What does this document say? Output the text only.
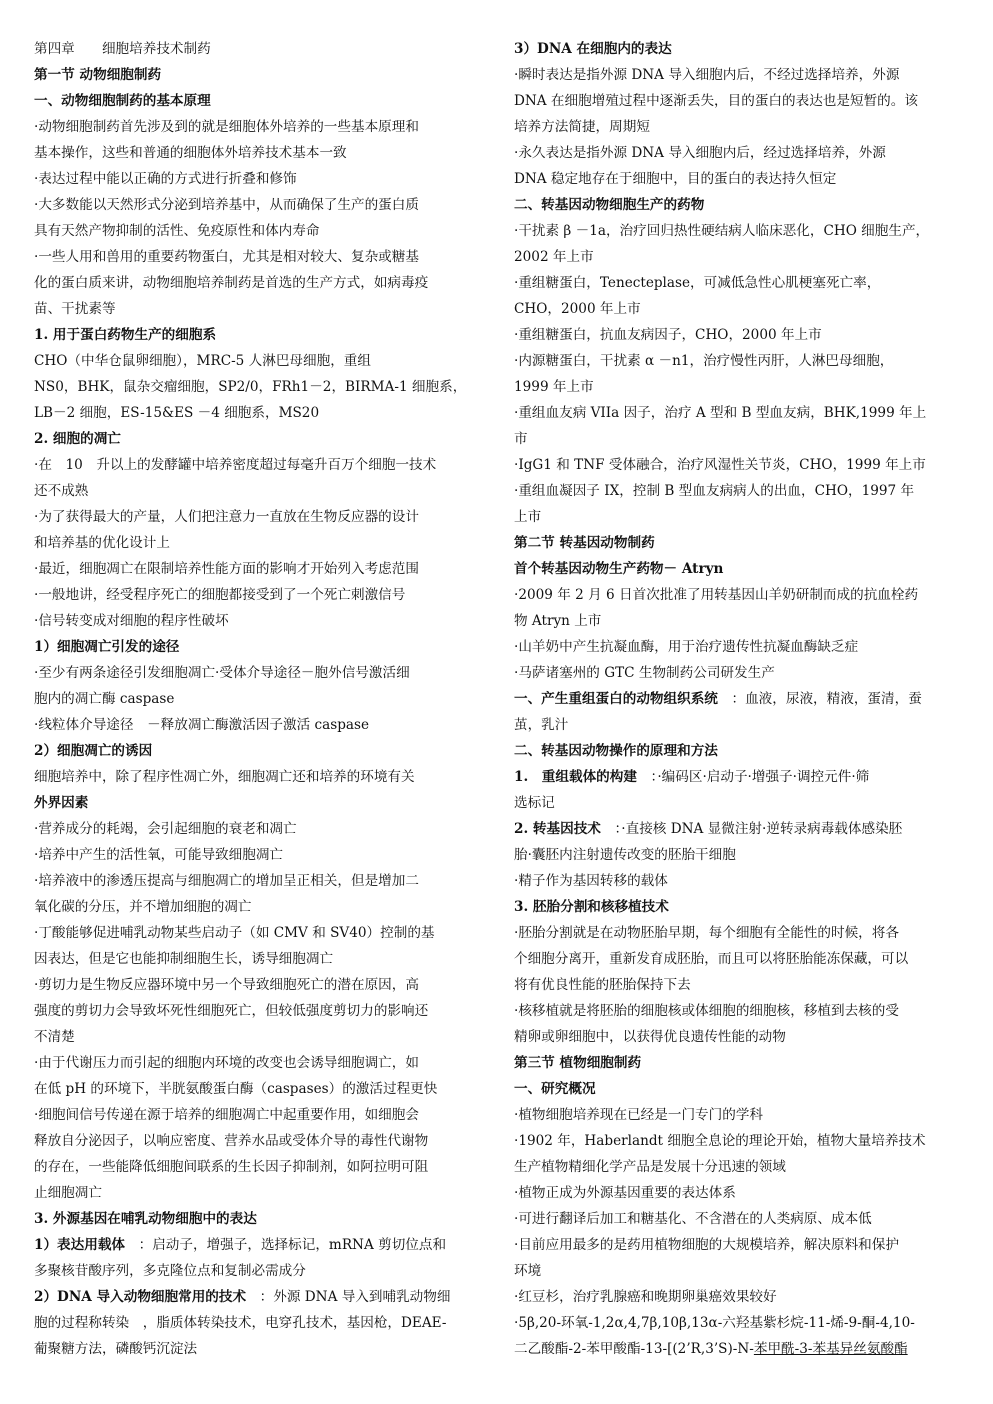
第四章　　细胞培养技术制药
第一节 动物细胞制药
一、动物细胞制药的基本原理
·动物细胞制药首先涉及到的就是细胞体外培养的一些基本原理和
基本操作，这些和普通的细胞体外培养技术基本一致
·表达过程中能以正确的方式进行折叠和修饰
·大多数能以天然形式分泌到培养基中，从而确保了生产的蛋白质
具有天然产物抑制的活性、免疫原性和体内寿命
·一些人用和兽用的重要药物蛋白，尤其是相对较大、复杂或糖基
化的蛋白质来讲，动物细胞培养制药是首选的生产方式，如病毒疫
苗、干扰素等
1. 用于蛋白药物生产的细胞系
CHO（中华仓鼠卵细胞），MRC-5 人淋巴母细胞，重组
NS0，BHK，鼠杂交瘤细胞，SP2/0，FRh1－2，BIRMA-1 细胞系，
LB－2 细胞，ES-15&ES －4 细胞系，MS20
2. 细胞的凋亡
·在　10　升以上的发酵罐中培养密度超过每毫升百万个细胞一技术
还不成熟
·为了获得最大的产量，人们把注意力一直放在生物反应器的设计
和培养基的优化设计上
·最近，细胞凋亡在限制培养性能方面的影响才开始列入考虑范围
·一般地讲，经受程序死亡的细胞都接受到了一个死亡刺激信号
·信号转变成对细胞的程序性破坏
1）细胞凋亡引发的途径
·至少有两条途径引发细胞凋亡·受体介导途径－胞外信号激活细
胞内的凋亡酶 caspase
·线粒体介导途径　－释放凋亡酶激活因子激活 caspase
2）细胞凋亡的诱因
细胞培养中，除了程序性凋亡外，细胞凋亡还和培养的环境有关
外界因素
·营养成分的耗竭，会引起细胞的衰老和凋亡
·培养中产生的活性氧，可能导致细胞凋亡
·培养液中的渗透压提高与细胞凋亡的增加呈正相关，但是增加二
氧化碳的分压，并不增加细胞的凋亡
·丁酸能够促进哺乳动物某些启动子（如 CMV 和 SV40）控制的基
因表达，但是它也能抑制细胞生长，诱导细胞凋亡
·剪切力是生物反应器环境中另一个导致细胞死亡的潜在原因，高
强度的剪切力会导致坏死性细胞死亡，但较低强度剪切力的影响还
不清楚
·由于代谢压力而引起的细胞内环境的改变也会诱导细胞调亡，如
在低 pH 的环境下，半胱氨酸蛋白酶（caspases）的激活过程更快
·细胞间信号传递在源于培养的细胞凋亡中起重要作用，如细胞会
释放自分泌因子，以响应密度、营养水品或受体介导的毒性代谢物
的存在，一些能降低细胞间联系的生长因子抑制剂，如阿拉明可阻
止细胞凋亡
3. 外源基因在哺乳动物细胞中的表达
1）表达用载体　：启动子，增强子，选择标记，mRNA 剪切位点和
多聚核苷酸序列，多克隆位点和复制必需成分
2）DNA 导入动物细胞常用的技术　：外源 DNA 导入到哺乳动物细
胞的过程称转染　，脂质体转染技术，电穿孔技术，基因枪，DEAE-
葡聚糖方法，磷酸钙沉淀法
3）DNA 在细胞内的表达
·瞬时表达是指外源 DNA 导入细胞内后，不经过选择培养，外源
DNA 在细胞增殖过程中逐渐丢失，目的蛋白的表达也是短暂的。该
培养方法简捷，周期短
·永久表达是指外源 DNA 导入细胞内后，经过选择培养，外源
DNA 稳定地存在于细胞中，目的蛋白的表达持久恒定
二、转基因动物细胞生产的药物
·干扰素 β －1a，治疗回归热性硬结病人临床恶化，CHO 细胞生产，
2002 年上市
·重组糖蛋白，Tenecteplase，可减低急性心肌梗塞死亡率，
CHO，2000 年上市
·重组糖蛋白，抗血友病因子，CHO，2000 年上市
·内源糖蛋白，干扰素 α －n1，治疗慢性丙肝，人淋巴母细胞，
1999 年上市
·重组血友病 VIIa 因子，治疗 A 型和 B 型血友病，BHK,1999 年上
市
·IgG1 和 TNF 受体融合，治疗风湿性关节炎，CHO，1999 年上市
·重组血凝因子 IX，控制 B 型血友病病人的出血，CHO，1997 年
上市
第二节 转基因动物制药
首个转基因动物生产药物－ Atryn
·2009 年 2 月 6 日首次批准了用转基因山羊奶研制而成的抗血栓药
物 Atryn 上市
·山羊奶中产生抗凝血酶，用于治疗遗传性抗凝血酶缺乏症
·马萨诸塞州的 GTC 生物制药公司研发生产
一、产生重组蛋白的动物组织系统　：血液，尿液，精液，蛋清，蚕
茧，乳汁
二、转基因动物操作的原理和方法
1.　重组载体的构建　：·编码区·启动子·增强子·调控元件·筛
选标记
2. 转基因技术　：·直接核 DNA 显微注射·逆转录病毒载体感染胚
胎·囊胚内注射遗传改变的胚胎干细胞
·精子作为基因转移的载体
3. 胚胎分割和核移植技术
·胚胎分割就是在动物胚胎早期，每个细胞有全能性的时候，将各
个细胞分离开，重新发育成胚胎，而且可以将胚胎能冻保藏，可以
将有优良性能的胚胎保持下去
·核移植就是将胚胎的细胞核或体细胞的细胞核，移植到去核的受
精卵或卵细胞中，以获得优良遗传性能的动物
第三节 植物细胞制药
一、研究概况
·植物细胞培养现在已经是一门专门的学科
·1902 年，Haberlandt 细胞全息论的理论开始，植物大量培养技术
生产植物精细化学产品是发展十分迅速的领域
·植物正成为外源基因重要的表达体系
·可进行翻译后加工和糖基化、不含潜在的人类病原、成本低
·目前应用最多的是药用植物细胞的大规模培养，解决原料和保护
环境
·红豆杉，治疗乳腺癌和晚期卵巢癌效果较好
·5β,20-环氧-1,2α,4,7β,10β,13α-六羟基紫杉烷-11-烯-9-酮-4,10-
二乙酸酯-2-苯甲酸酯-13-[(2’R,3’S)-N-苯甲酰-3-苯基异丝氨酸酯
